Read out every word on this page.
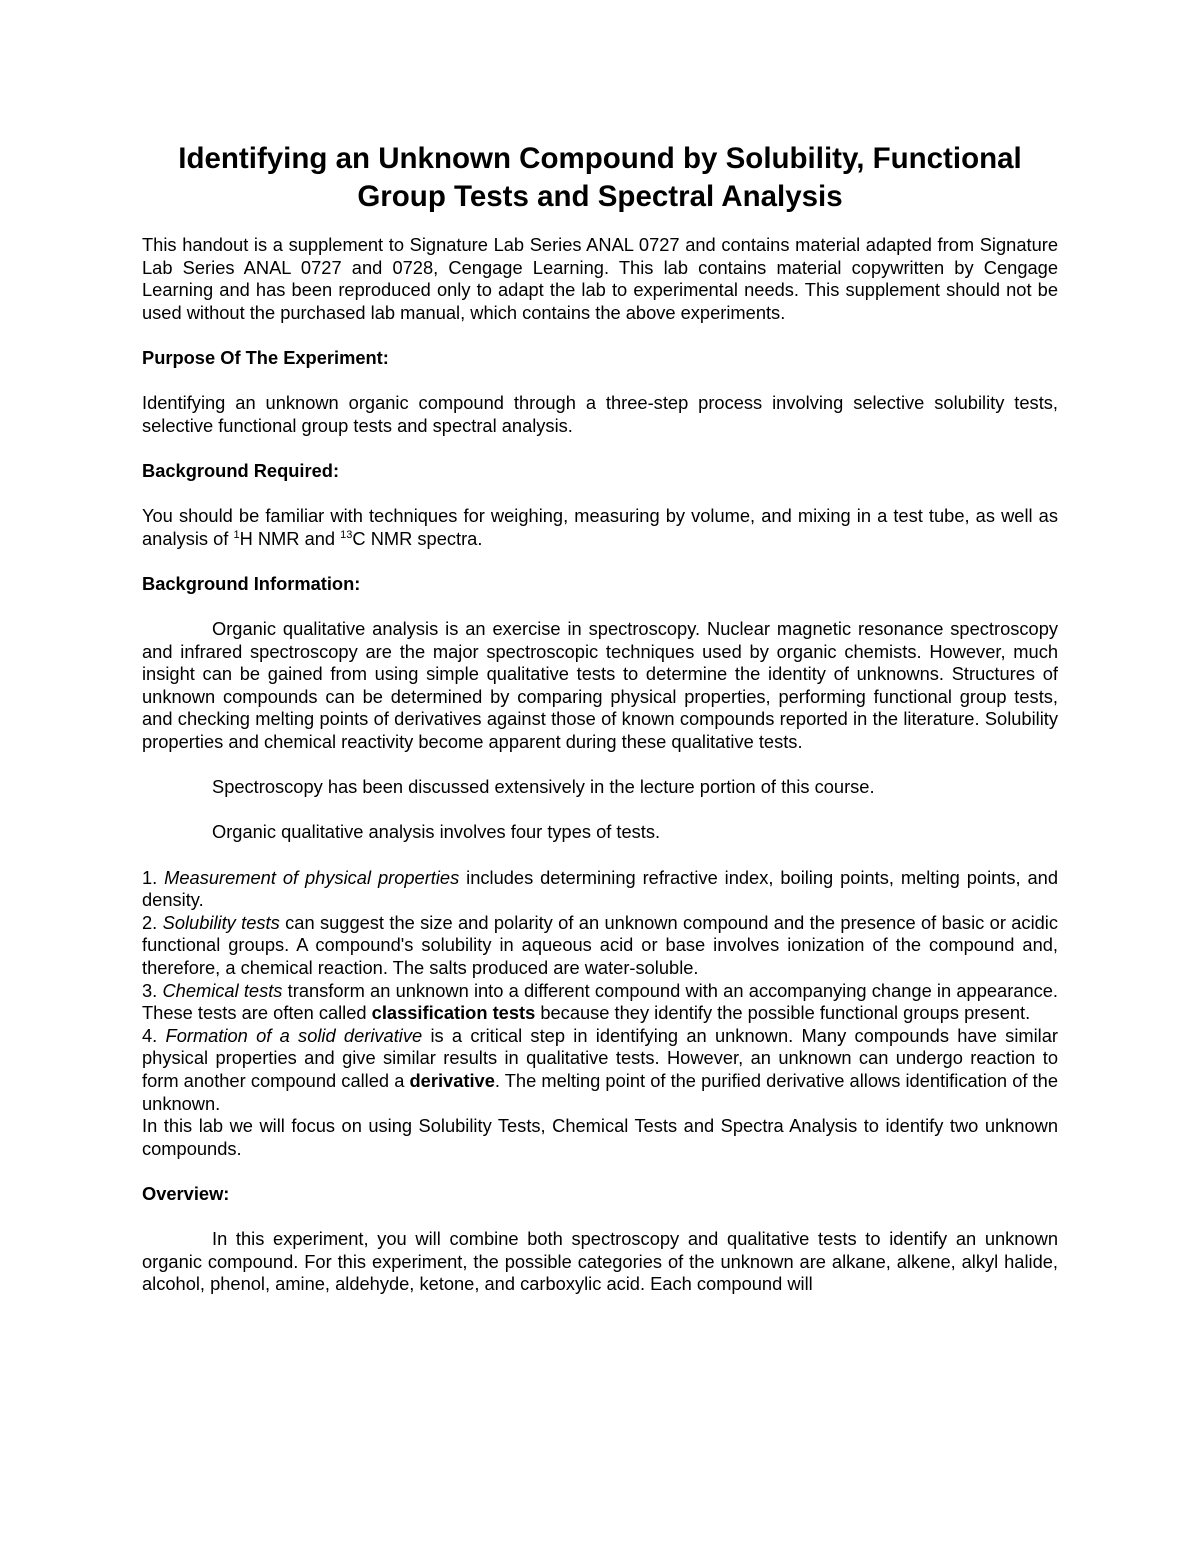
Identifying an Unknown Compound by Solubility, Functional
Group Tests and Spectral Analysis

This handout is a supplement to Signature Lab Series ANAL 0727 and contains material adapted from Signature Lab Series ANAL 0727 and 0728, Cengage Learning. This lab contains material copywritten by Cengage Learning and has been reproduced only to adapt the lab to experimental needs. This supplement should not be used without the purchased lab manual, which contains the above experiments.

Purpose Of The Experiment:

Identifying an unknown organic compound through a three-step process involving selective solubility tests, selective functional group tests and spectral analysis.

Background Required:

You should be familiar with techniques for weighing, measuring by volume, and mixing in a test tube, as well as analysis of $^1$H NMR and $^{13}$C NMR spectra.

Background Information:

Organic qualitative analysis is an exercise in spectroscopy. Nuclear magnetic resonance spectroscopy and infrared spectroscopy are the major spectroscopic techniques used by organic chemists. However, much insight can be gained from using simple qualitative tests to determine the identity of unknowns. Structures of unknown compounds can be determined by comparing physical properties, performing functional group tests, and checking melting points of derivatives against those of known compounds reported in the literature. Solubility properties and chemical reactivity become apparent during these qualitative tests.

Spectroscopy has been discussed extensively in the lecture portion of this course.

Organic qualitative analysis involves four types of tests.

1. Measurement of physical properties includes determining refractive index, boiling points, melting points, and density.

2. Solubility tests can suggest the size and polarity of an unknown compound and the presence of basic or acidic functional groups. A compound's solubility in aqueous acid or base involves ionization of the compound and, therefore, a chemical reaction. The salts produced are water-soluble.

3. Chemical tests transform an unknown into a different compound with an accompanying change in appearance. These tests are often called classification tests because they identify the possible functional groups present.

4. Formation of a solid derivative is a critical step in identifying an unknown. Many compounds have similar physical properties and give similar results in qualitative tests. However, an unknown can undergo reaction to form another compound called a derivative. The melting point of the purified derivative allows identification of the unknown.

In this lab we will focus on using Solubility Tests, Chemical Tests and Spectra Analysis to identify two unknown compounds.

Overview:

In this experiment, you will combine both spectroscopy and qualitative tests to identify an unknown organic compound. For this experiment, the possible categories of the unknown are alkane, alkene, alkyl halide, alcohol, phenol, amine, aldehyde, ketone, and carboxylic acid. Each compound will
